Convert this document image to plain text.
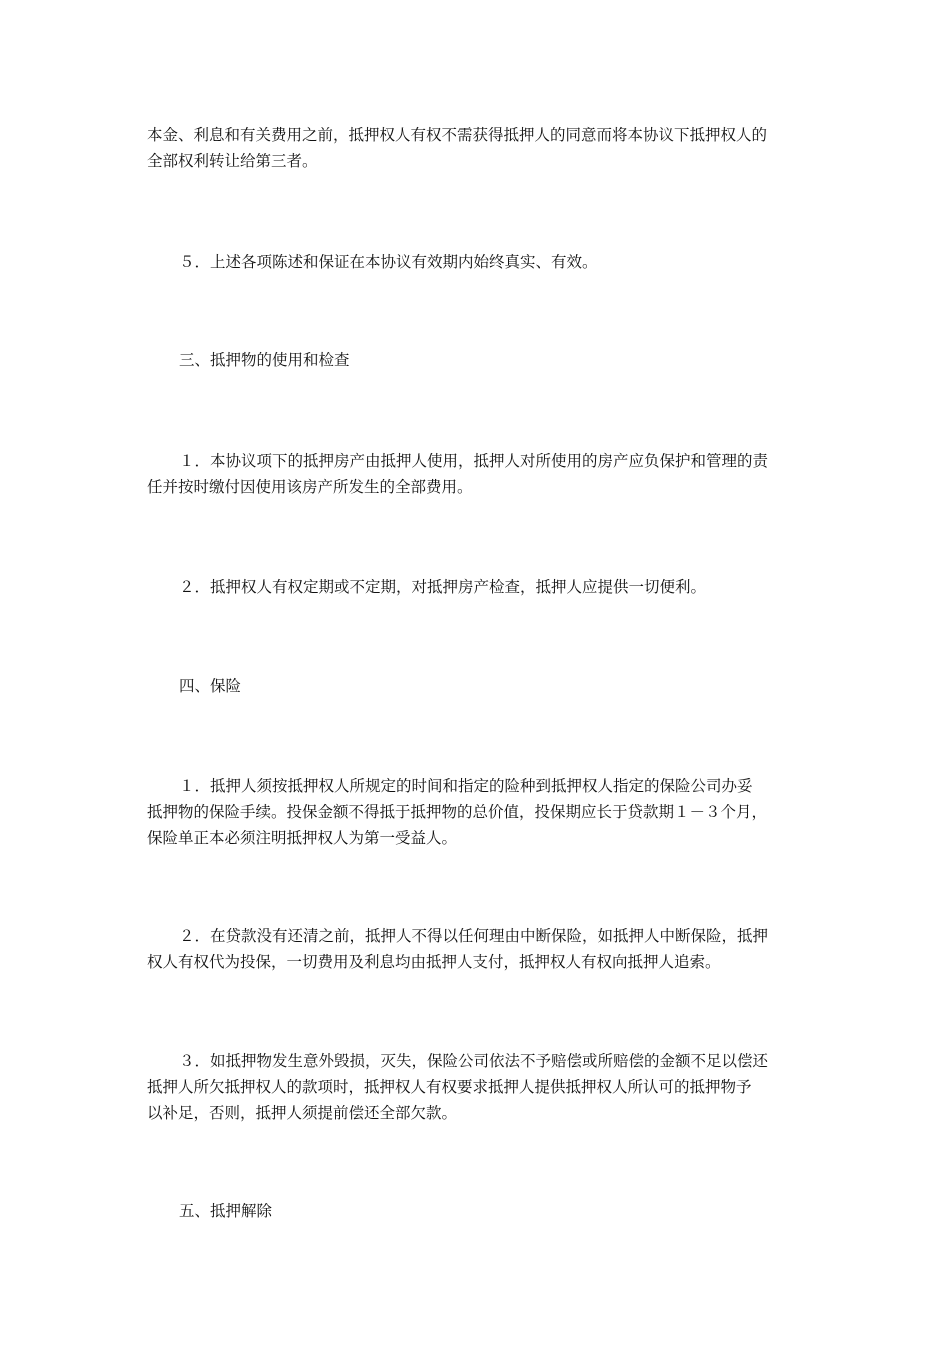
本金、利息和有关费用之前，抵押权人有权不需获得抵押人的同意而将本协议下抵押权人的
全部权利转让给第三者。

５．上述各项陈述和保证在本协议有效期内始终真实、有效。

三、抵押物的使用和检查

１．本协议项下的抵押房产由抵押人使用，抵押人对所使用的房产应负保护和管理的责
任并按时缴付因使用该房产所发生的全部费用。

２．抵押权人有权定期或不定期，对抵押房产检查，抵押人应提供一切便利。

四、保险

１．抵押人须按抵押权人所规定的时间和指定的险种到抵押权人指定的保险公司办妥
抵押物的保险手续。投保金额不得抵于抵押物的总价值，投保期应长于贷款期１－３个月，
保险单正本必须注明抵押权人为第一受益人。

２．在贷款没有还清之前，抵押人不得以任何理由中断保险，如抵押人中断保险，抵押
权人有权代为投保，一切费用及利息均由抵押人支付，抵押权人有权向抵押人追索。

３．如抵押物发生意外毁损，灭失，保险公司依法不予赔偿或所赔偿的金额不足以偿还
抵押人所欠抵押权人的款项时，抵押权人有权要求抵押人提供抵押权人所认可的抵押物予
以补足，否则，抵押人须提前偿还全部欠款。

五、抵押解除
